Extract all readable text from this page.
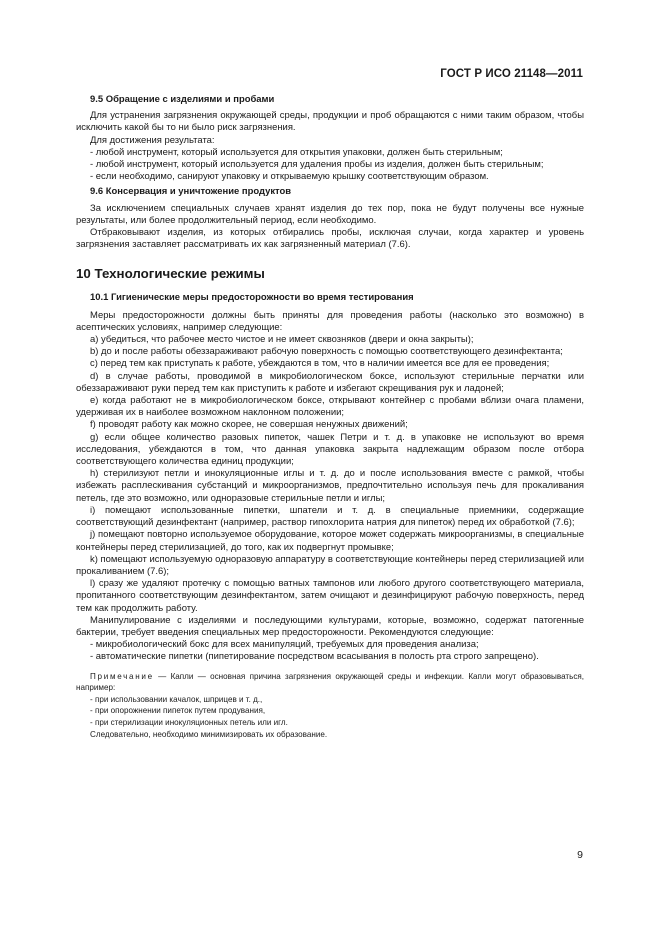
ГОСТ Р ИСО 21148—2011

9.5 Обращение с изделиями и пробами

Для устранения загрязнения окружающей среды, продукции и проб обращаются с ними таким образом, чтобы исключить какой бы то ни было риск загрязнения.

Для достижения результата:

- любой инструмент, который используется для открытия упаковки, должен быть стерильным;

- любой инструмент, который используется для удаления пробы из изделия, должен быть стерильным;

- если необходимо, санируют упаковку и открываемую крышку соответствующим образом.

9.6 Консервация и уничтожение продуктов

За исключением специальных случаев хранят изделия до тех пор, пока не будут получены все нужные результаты, или более продолжительный период, если необходимо.

Отбраковывают изделия, из которых отбирались пробы, исключая случаи, когда характер и уровень загрязнения заставляет рассматривать их как загрязненный материал (7.6).

10 Технологические режимы

10.1 Гигиенические меры предосторожности во время тестирования

Меры предосторожности должны быть приняты для проведения работы (насколько это возможно) в асептических условиях, например следующие:

a) убедиться, что рабочее место чистое и не имеет сквозняков (двери и окна закрыты);

b) до и после работы обеззараживают рабочую поверхность с помощью соответствующего дезинфектанта;

c) перед тем как приступать к работе, убеждаются в том, что в наличии имеется все для ее проведения;

d) в случае работы, проводимой в микробиологическом боксе, используют стерильные перчатки или обеззараживают руки перед тем как приступить к работе и избегают скрещивания рук и ладоней;

e) когда работают не в микробиологическом боксе, открывают контейнер с пробами вблизи очага пламени, удерживая их в наиболее возможном наклонном положении;

f) проводят работу как можно скорее, не совершая ненужных движений;

g) если общее количество разовых пипеток, чашек Петри и т. д. в упаковке не используют во время исследования, убеждаются в том, что данная упаковка закрыта надлежащим образом после отбора соответствующего количества единиц продукции;

h) стерилизуют петли и инокуляционные иглы и т. д. до и после использования вместе с рамкой, чтобы избежать расплескивания субстанций и микроорганизмов, предпочтительно используя печь для прокаливания петель, где это возможно, или одноразовые стерильные петли и иглы;

i) помещают использованные пипетки, шпатели и т. д. в специальные приемники, содержащие соответствующий дезинфектант (например, раствор гипохлорита натрия для пипеток) перед их обработкой (7.6);

j) помещают повторно используемое оборудование, которое может содержать микроорганизмы, в специальные контейнеры перед стерилизацией, до того, как их подвергнут промывке;

k) помещают используемую одноразовую аппаратуру в соответствующие контейнеры перед стерилизацией или прокаливанием (7.6);

l) сразу же удаляют протечку с помощью ватных тампонов или любого другого соответствующего материала, пропитанного соответствующим дезинфектантом, затем очищают и дезинфицируют рабочую поверхность, перед тем как продолжить работу.

Манипулирование с изделиями и последующими культурами, которые, возможно, содержат патогенные бактерии, требует введения специальных мер предосторожности. Рекомендуются следующие:

- микробиологический бокс для всех манипуляций, требуемых для проведения анализа;

- автоматические пипетки (пипетирование посредством всасывания в полость рта строго запрещено).

Примечание — Капли — основная причина загрязнения окружающей среды и инфекции. Капли могут образовываться, например:

- при использовании качалок, шприцев и т. д.,

- при опорожнении пипеток путем продувания,

- при стерилизации инокуляционных петель или игл.

Следовательно, необходимо минимизировать их образование.

9
